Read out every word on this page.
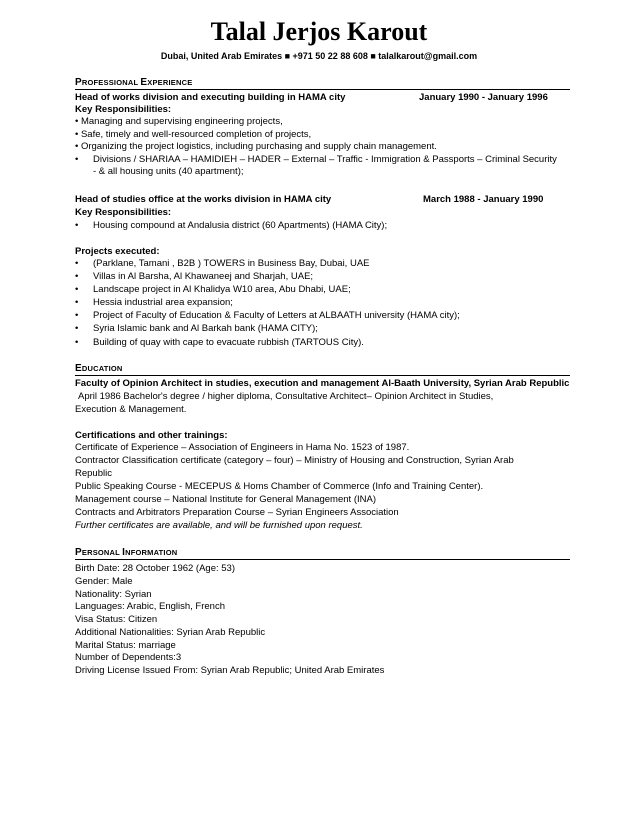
Talal Jerjos Karout
Dubai, United Arab Emirates ■ +971 50 22 88 608 ■ talalkarout@gmail.com
PROFESSIONAL EXPERIENCE
Head of works division and executing building in HAMA city	January 1990 - January 1996
Key Responsibilities:
• Managing and supervising engineering projects,
• Safe, timely and well-resourced completion of projects,
• Organizing the project logistics, including purchasing and supply chain management.
• Divisions / SHARIAA – HAMIDIEH – HADER – External – Traffic - Immigration & Passports – Criminal Security
- & all housing units (40 apartment);
Head of studies office at the works division in HAMA city	March 1988 - January 1990
Key Responsibilities:
• Housing compound at Andalusia district (60 Apartments) (HAMA City);
Projects executed:
• (Parklane, Tamani , B2B ) TOWERS in Business Bay, Dubai, UAE
• Villas in Al Barsha, Al Khawaneej and Sharjah, UAE;
• Landscape project in Al Khalidya W10 area, Abu Dhabi, UAE;
• Hessia industrial area expansion;
• Project of Faculty of Education & Faculty of Letters at ALBAATH university (HAMA city);
• Syria Islamic bank and Al Barkah bank (HAMA CITY);
• Building of quay with cape to evacuate rubbish (TARTOUS City).
EDUCATION
Faculty of Opinion Architect in studies, execution and management Al-Baath University, Syrian Arab Republic
April 1986 Bachelor's degree / higher diploma, Consultative Architect– Opinion Architect in Studies,
Execution & Management.
Certifications and other trainings:
Certificate of Experience – Association of Engineers in Hama No. 1523 of 1987.
Contractor Classification certificate (category – four) – Ministry of Housing and Construction, Syrian Arab
Republic
Public Speaking Course - MECEPUS & Homs Chamber of Commerce (Info and Training Center).
Management course – National Institute for General Management (INA)
Contracts and Arbitrators Preparation Course – Syrian Engineers Association
Further certificates are available, and will be furnished upon request.
PERSONAL INFORMATION
Birth Date: 28 October 1962 (Age: 53)
Gender: Male
Nationality: Syrian
Languages: Arabic, English, French
Visa Status: Citizen
Additional Nationalities: Syrian Arab Republic
Marital Status: marriage
Number of Dependents:3
Driving License Issued From: Syrian Arab Republic; United Arab Emirates
